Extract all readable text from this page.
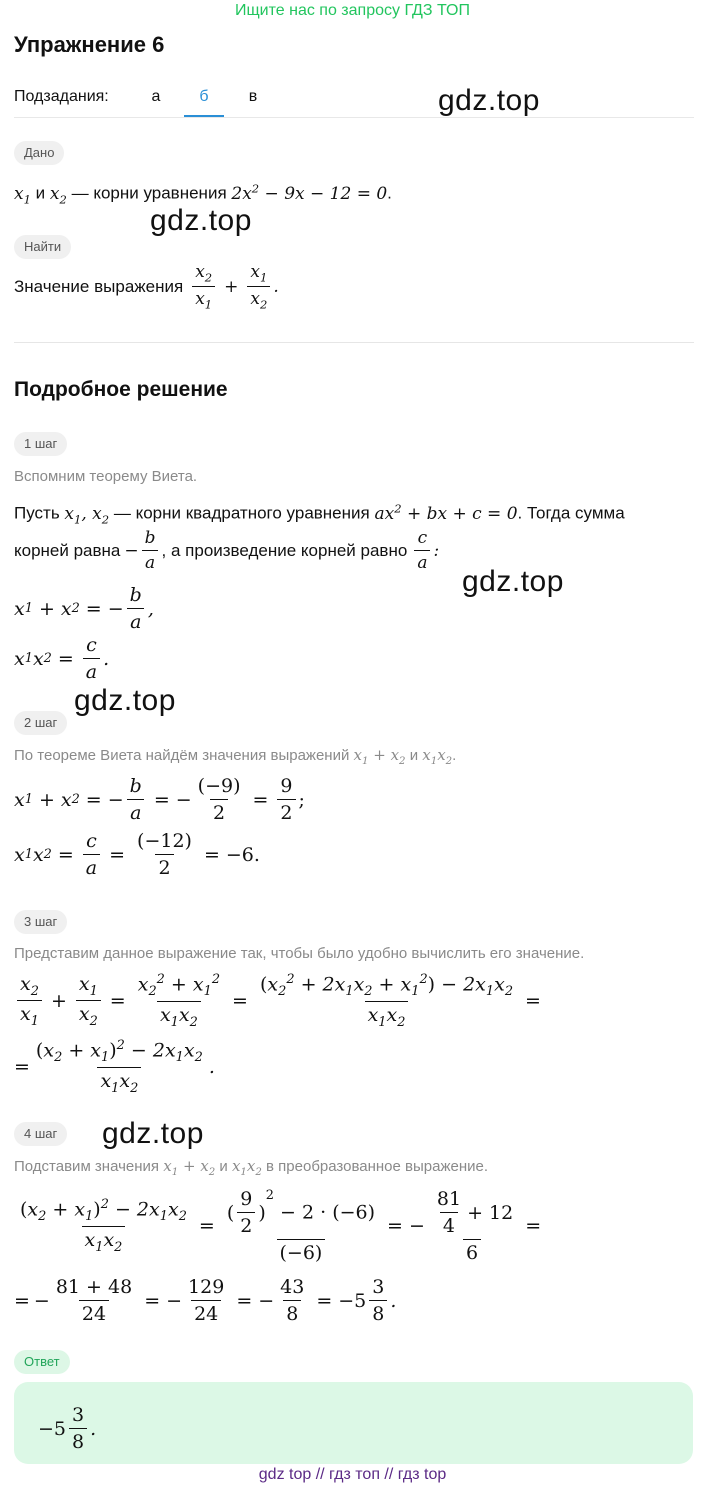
Ищите нас по запросу ГДЗ ТОП
Упражнение 6
Подзадания:	а	б	в	gdz.top
gdz.top
gdz.top
gdz.top
gdz.top
Дано
$x_1$ и $x_2$ — корни уравнения $2x^2 - 9x - 12 = 0$.
Найти
Значение выражения $\frac{x_2}{x_1} + \frac{x_1}{x_2}$ .
Подробное решение
1 шаг
Вспомним теорему Виета.
Пусть $x_1$, $x_2$ — корни квадратного уравнения $ax^2$ + bx + c = 0. Тогда сумма
корней равна − $\frac{b}{a}$ , а произведение корней равно $\frac{c}{a}$ :
x 1 + x 2 = − $\frac{b}{a}$ ,
x 1 x $2 = \frac{c}{a}$ .
2 шаг
По теореме Виета найдём значения выражений $x_1 + x_2$ и $x_1x_2$.
x 1 + x 2 = − $\frac{b}{a}$ = − $\frac{(-9)}{2} = \frac{9}{2}$ ;
x 1 x $2 = \frac{c}{a} = \frac{(-12)}{2} = -6$.
3 шаг
Представим данное выражение так, чтобы было удобно вычислить его значение.
$\frac{x_2}{x_1} + \frac{x_1}{x_2} = \frac{x_2^2 + x_1^2}{x_1x_2} = \frac{(x_2^2 + 2x_1x_2 + x_1^2) - 2x_1x_2}{x_1x_2}$ =
= $\frac{(x_2 + x_1)^2 - 2x_1x_2}{x_1x_2}$ .
4 шаг
Подставим значения $x_1 + x_2$ и $x_1x_2$ в преобразованное выражение.
$\frac{(x_2 + x_1)^2 - 2x_1x_2}{x_1x_2}$ = ( $\frac{9}{2}$ )
$^2$
− 2 · (−6)
(−6) = − $\frac{\frac{81}{4} + 12}{6}$ =
= − $\frac{81 + 48}{24}$ = − $\frac{129}{24}$ = − $\frac{43}{8} = -5 \frac{3}{8}$ .
Ответ
$-5 \frac{3}{8}$ .
gdz top // гдз топ // гдз top
